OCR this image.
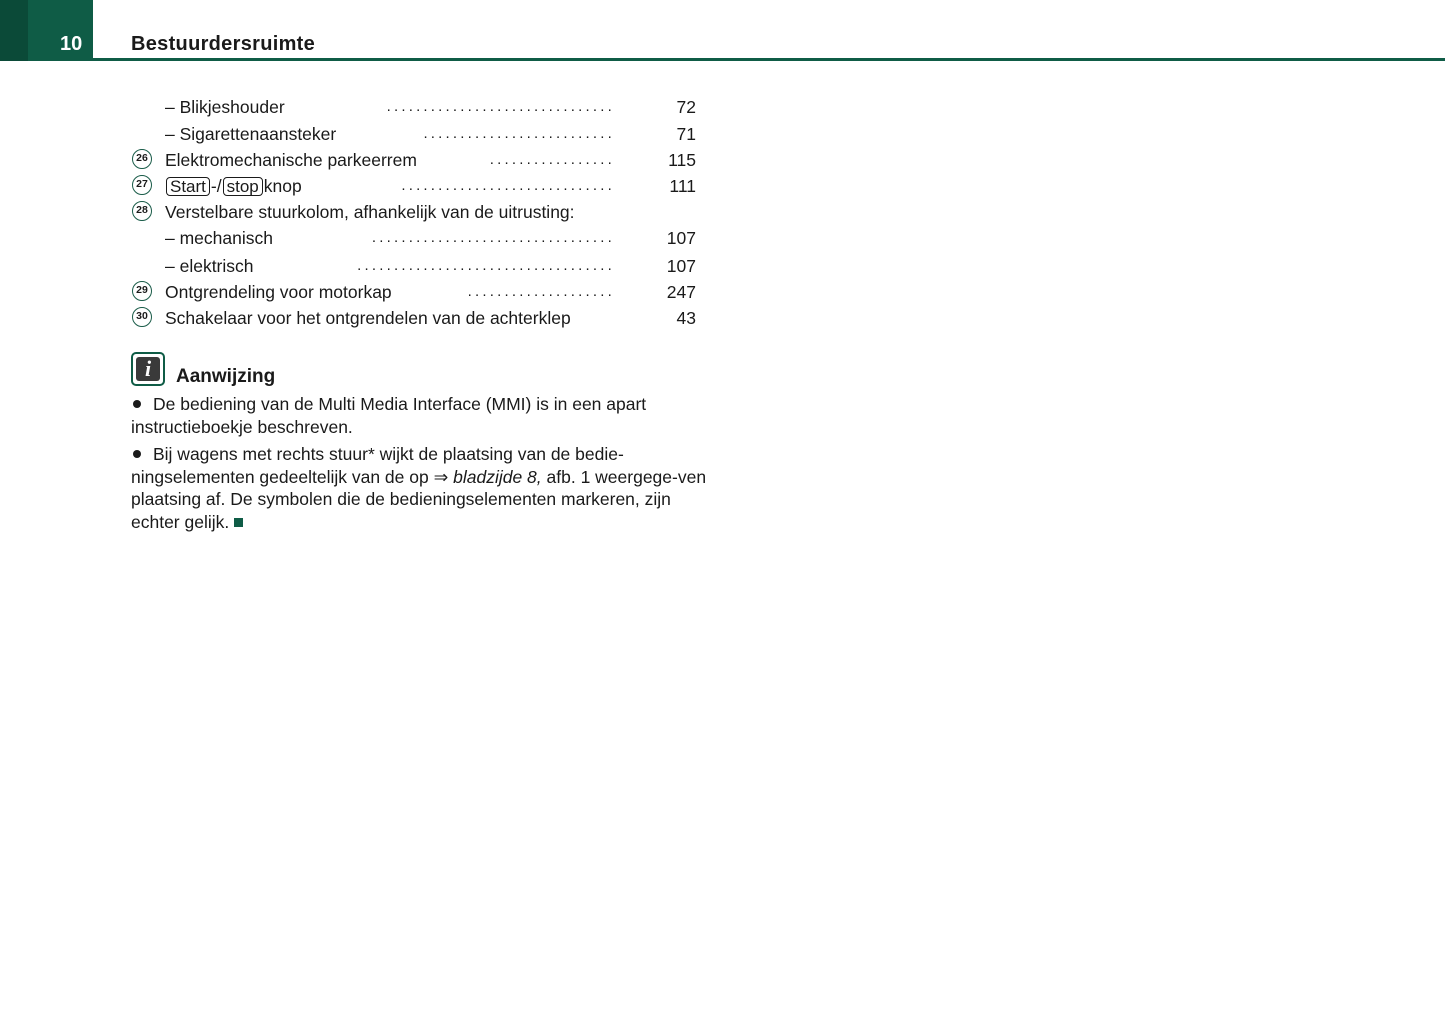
10 Bestuurdersruimte
– Blikjeshouder	...............................	72
– Sigarettenaansteker	..........................	71
26 Elektromechanische parkeerrem	.................	115
27 Start -/ stop knop	.............................	111
28 Verstelbare stuurkolom, afhankelijk van de uitrusting:
– mechanisch	.................................	107
– elektrisch	...................................	107
29 Ontgrendeling voor motorkap	....................	247
30 Schakelaar voor het ontgrendelen van de achterklep	43
i	Aanwijzing
De bediening van de Multi Media Interface (MMI) is in een apart instructieboekje beschreven.
Bij wagens met rechts stuur* wijkt de plaatsing van de bedie-ningselementen gedeeltelijk van de op ⇒ bladzijde 8, afb. 1 weergege-ven plaatsing af. De symbolen die de bedieningselementen markeren, zijn echter gelijk.
